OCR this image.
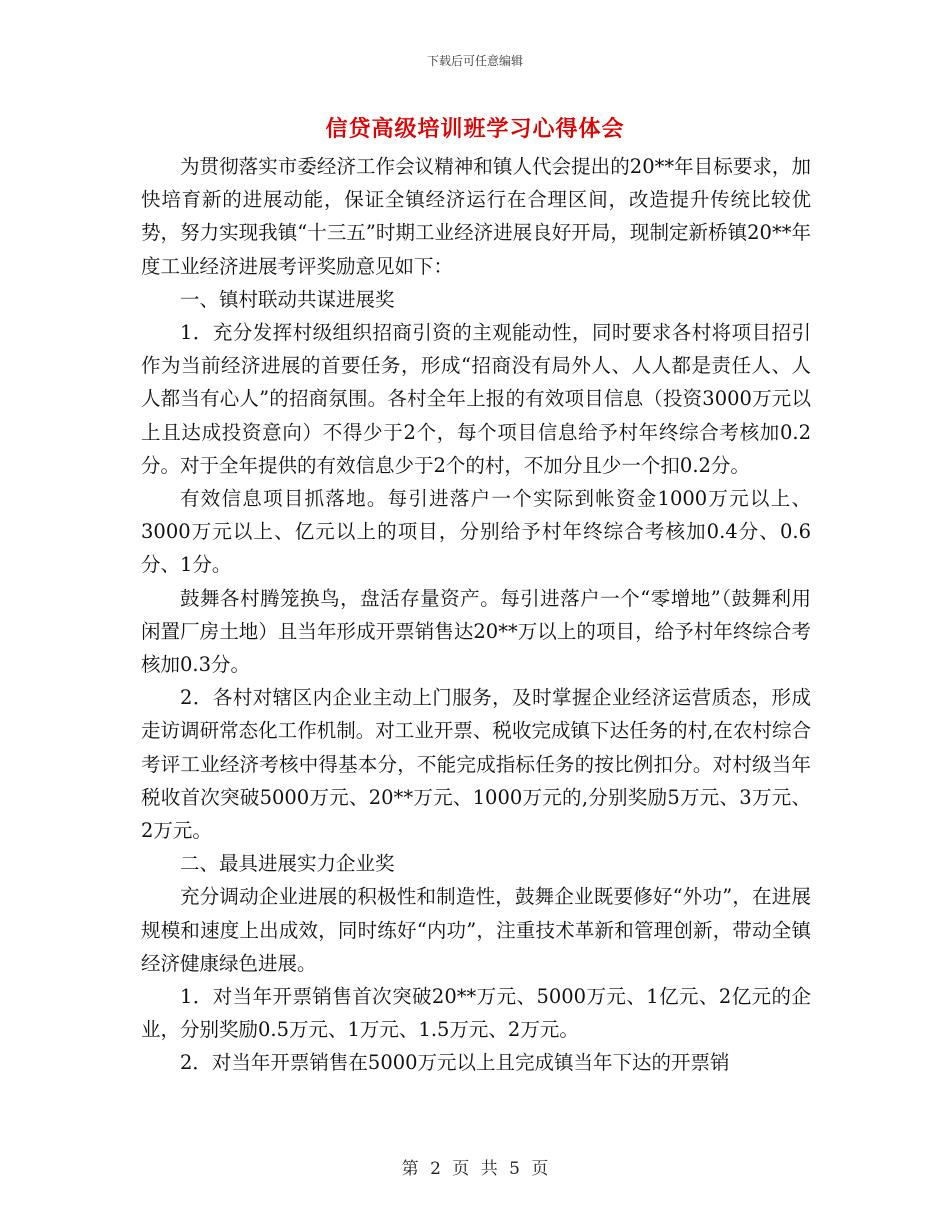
下载后可任意编辑
信贷高级培训班学习心得体会

为贯彻落实市委经济工作会议精神和镇人代会提出的20**年目标要求，加快培育新的进展动能，保证全镇经济运行在合理区间，改造提升传统比较优势，努力实现我镇“十三五”时期工业经济进展良好开局，现制定新桥镇20**年度工业经济进展考评奖励意见如下：

一、镇村联动共谋进展奖

1．充分发挥村级组织招商引资的主观能动性，同时要求各村将项目招引作为当前经济进展的首要任务，形成“招商没有局外人、人人都是责任人、人人都当有心人”的招商氛围。各村全年上报的有效项目信息（投资3000万元以上且达成投资意向）不得少于2个，每个项目信息给予村年终综合考核加0.2分。对于全年提供的有效信息少于2个的村，不加分且少一个扣0.2分。

有效信息项目抓落地。每引进落户一个实际到帐资金1000万元以上、3000万元以上、亿元以上的项目，分别给予村年终综合考核加0.4分、0.6分、1分。

鼓舞各村腾笼换鸟，盘活存量资产。每引进落户一个“零增地”（鼓舞利用闲置厂房土地）且当年形成开票销售达20**万以上的项目，给予村年终综合考核加0.3分。

2．各村对辖区内企业主动上门服务，及时掌握企业经济运营质态，形成走访调研常态化工作机制。对工业开票、税收完成镇下达任务的村,在农村综合考评工业经济考核中得基本分，不能完成指标任务的按比例扣分。对村级当年税收首次突破5000万元、20**万元、1000万元的,分别奖励5万元、3万元、2万元。

二、最具进展实力企业奖

充分调动企业进展的积极性和制造性，鼓舞企业既要修好“外功”，在进展规模和速度上出成效，同时练好“内功”，注重技术革新和管理创新，带动全镇经济健康绿色进展。

1．对当年开票销售首次突破20**万元、5000万元、1亿元、2亿元的企业，分别奖励0.5万元、1万元、1.5万元、2万元。

2．对当年开票销售在5000万元以上且完成镇当年下达的开票销

第 2 页 共 5 页
